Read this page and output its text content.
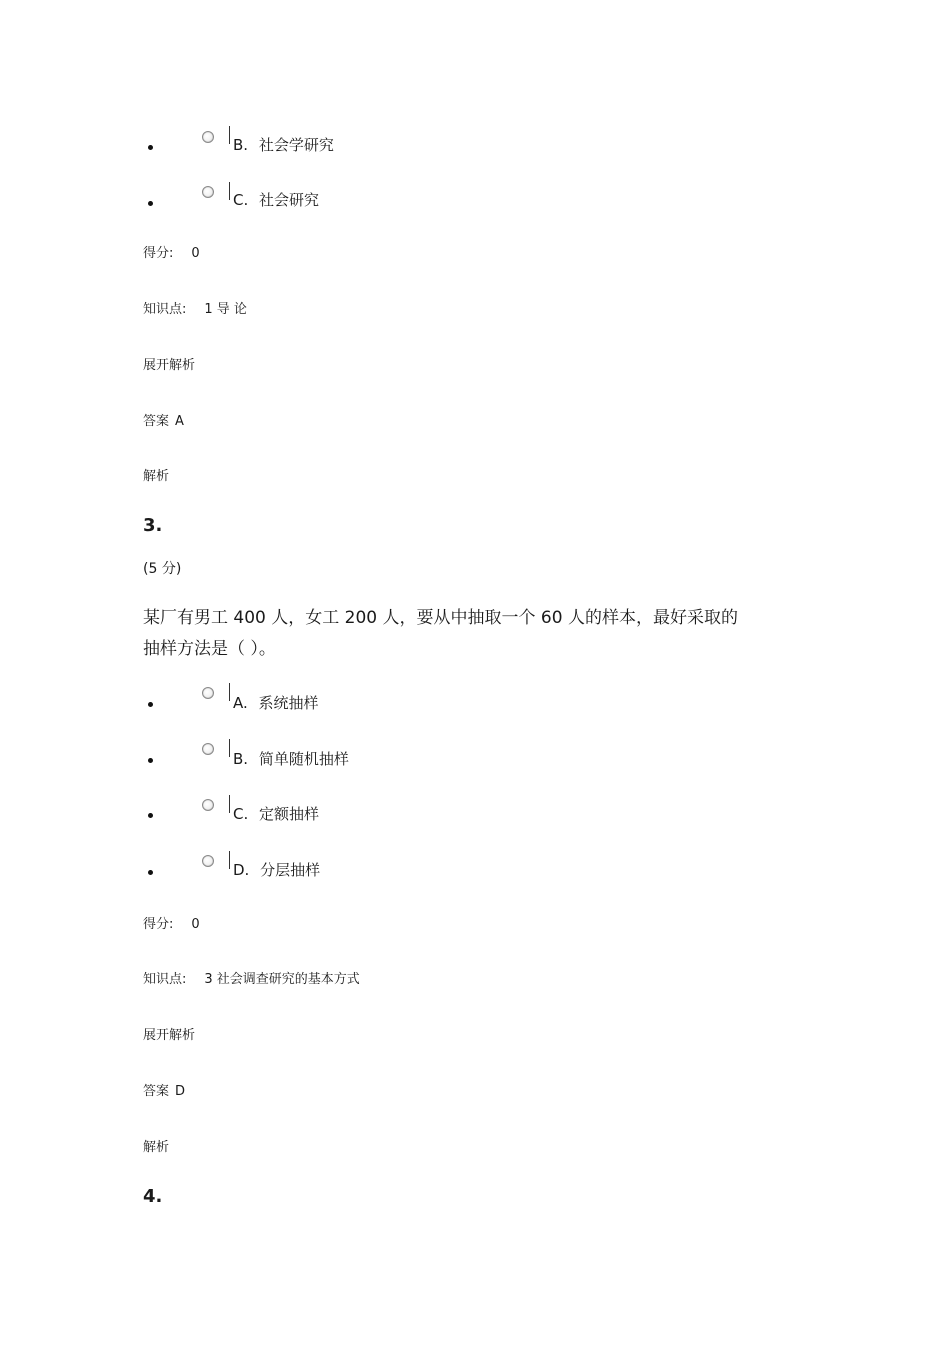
B. 社会学研究
C. 社会研究
得分: 0
知识点: 1 导 论
展开解析
答案 A
解析
3.
(5 分)
某厂有男工 400 人，女工 200 人，要从中抽取一个 60 人的样本，最好采取的
抽样方法是（ ）。
A. 系统抽样
B. 简单随机抽样
C. 定额抽样
D. 分层抽样
得分: 0
知识点: 3 社会调查研究的基本方式
展开解析
答案 D
解析
4.
